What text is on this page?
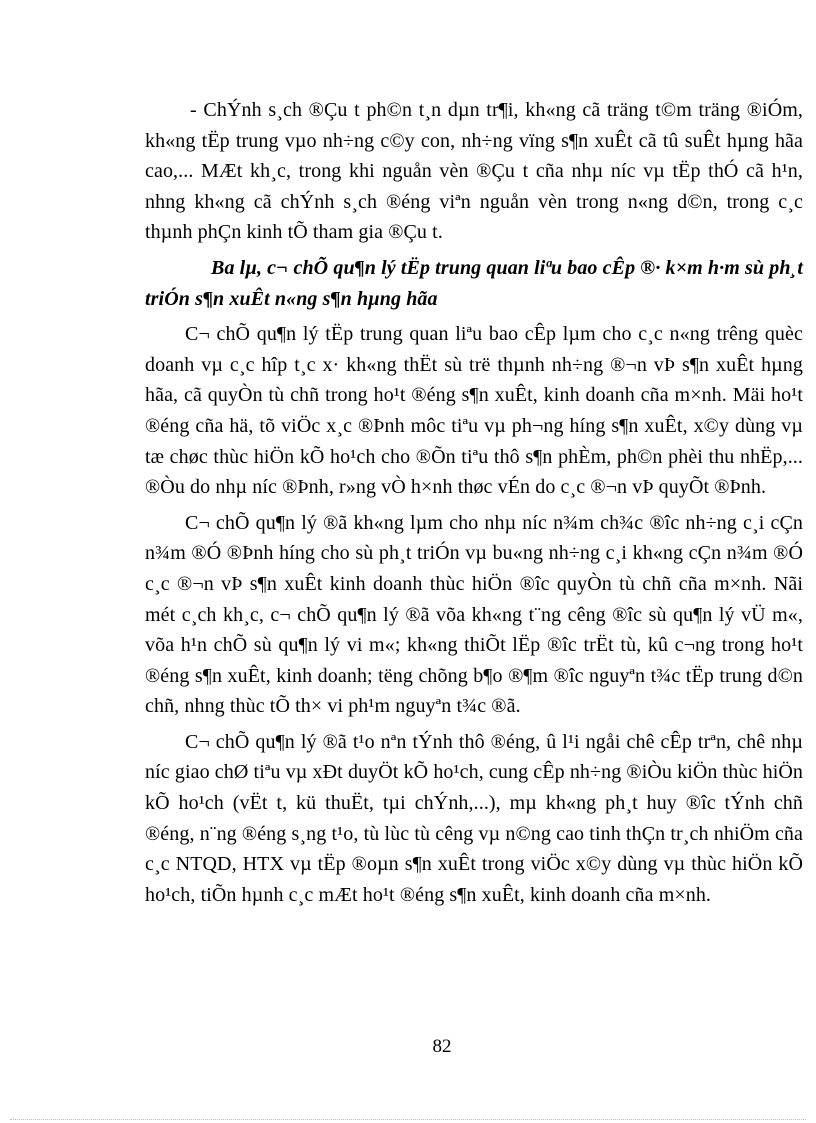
- ChÝnh s¸ch ®Çu t ph©n t¸n dµn tr¶i, kh«ng cã träng t©m träng ®iÓm, kh«ng tËp trung vµo nh÷ng c©y con, nh÷ng vïng s¶n xuÊt cã tû suÊt hµng hãa cao,... MÆt kh¸c, trong khi nguån vèn ®Çu t cña nhµ níc vµ tËp thÓ cã h¹n, nhng kh«ng cã chÝnh s¸ch ®éng viªn nguån vèn trong n«ng d©n, trong c¸c thµnh phÇn kinh tÕ tham gia ®Çu t.

Ba lµ, c¬ chÕ qu¶n lý tËp trung quan liªu bao cÊp ®· k×m h·m sù ph¸t triÓn s¶n xuÊt n«ng s¶n hµng hãa

C¬ chÕ qu¶n lý tËp trung quan liªu bao cÊp lµm cho c¸c n«ng trêng quèc doanh vµ c¸c hîp t¸c x· kh«ng thËt sù trë thµnh nh÷ng ®¬n vÞ s¶n xuÊt hµng hãa, cã quyÒn tù chñ trong ho¹t ®éng s¶n xuÊt, kinh doanh cña m×nh. Mäi ho¹t ®éng cña hä, tõ viÖc x¸c ®Þnh môc tiªu vµ ph¬ng híng s¶n xuÊt, x©y dùng vµ tæ chøc thùc hiÖn kÕ ho¹ch cho ®Õn tiªu thô s¶n phÈm, ph©n phèi thu nhËp,... ®Òu do nhµ níc ®Þnh, r»ng vÒ h×nh thøc vÉn do c¸c ®¬n vÞ quyÕt ®Þnh.

C¬ chÕ qu¶n lý ®ã kh«ng lµm cho nhµ níc n¾m ch¾c ®îc nh÷ng c¸i cÇn n¾m ®Ó ®Þnh híng cho sù ph¸t triÓn vµ bu«ng nh÷ng c¸i kh«ng cÇn n¾m ®Ó c¸c ®¬n vÞ s¶n xuÊt kinh doanh thùc hiÖn ®îc quyÒn tù chñ cña m×nh. Nãi mét c¸ch kh¸c, c¬ chÕ qu¶n lý ®ã võa kh«ng t¨ng cêng ®îc sù qu¶n lý vÜ m«, võa h¹n chÕ sù qu¶n lý vi m«; kh«ng thiÕt lËp ®îc trËt tù, kû c¬ng trong ho¹t ®éng s¶n xuÊt, kinh doanh; tëng chõng b¶o ®¶m ®îc nguyªn t¾c tËp trung d©n chñ, nhng thùc tÕ th× vi ph¹m nguyªn t¾c ®ã.

C¬ chÕ qu¶n lý ®ã t¹o nªn tÝnh thô ®éng, û l¹i ngåi chê cÊp trªn, chê nhµ níc giao chØ tiªu vµ xÐt duyÖt kÕ ho¹ch, cung cÊp nh÷ng ®iÒu kiÖn thùc hiÖn kÕ ho¹ch (vËt t, kü thuËt, tµi chÝnh,...), mµ kh«ng ph¸t huy ®îc tÝnh chñ ®éng, n¨ng ®éng s¸ng t¹o, tù lùc tù cêng vµ n©ng cao tinh thÇn tr¸ch nhiÖm cña c¸c NTQD, HTX vµ tËp ®oµn s¶n xuÊt trong viÖc x©y dùng vµ thùc hiÖn kÕ ho¹ch, tiÕn hµnh c¸c mÆt ho¹t ®éng s¶n xuÊt, kinh doanh cña m×nh.

82
